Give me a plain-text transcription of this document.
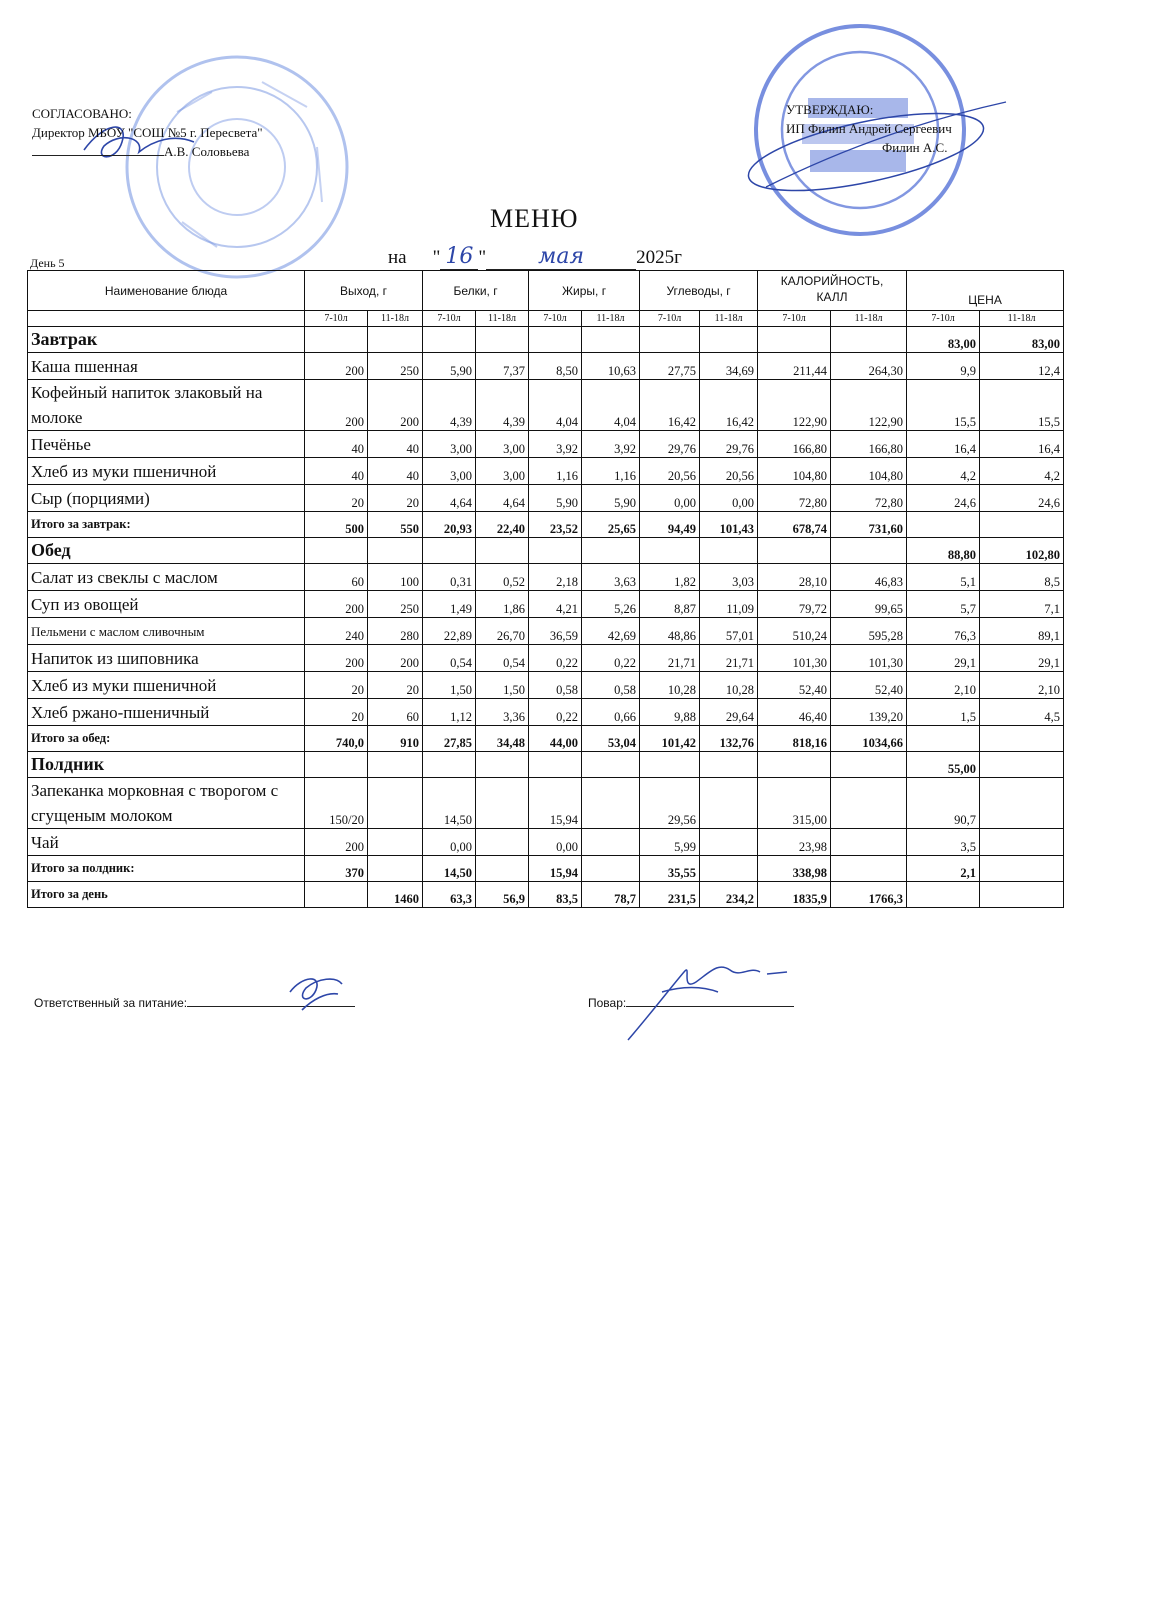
СОГЛАСОВАНО:
Директор МБОУ "СОШ №5 г. Пересвета"
А.В. Соловьева
УТВЕРЖДАЮ:
ИП Филин Андрей Сергеевич
Филин А.С.
МЕНЮ
День 5	на " 16 " мая	2025г
Наименование блюда	Выход, г		Белки, г		Жиры, г		Углеводы, г		КАЛОРИЙНОСТЬ,
КАЛЛ		ЦЕНА	
	7-10л	11-18л	7-10л	11-18л	7-10л	11-18л	7-10л	11-18л	7-10л	11-18л	7-10л	11-18л
Завтрак											83,00	83,00
Каша пшенная	200	250	5,90	7,37	8,50	10,63	27,75	34,69	211,44	264,30	9,9	12,4
Кофейный напиток злаковый на молоке	200	200	4,39	4,39	4,04	4,04	16,42	16,42	122,90	122,90	15,5	15,5
Печёнье	40	40	3,00	3,00	3,92	3,92	29,76	29,76	166,80	166,80	16,4	16,4
Хлеб из муки пшеничной	40	40	3,00	3,00	1,16	1,16	20,56	20,56	104,80	104,80	4,2	4,2
Сыр (порциями)	20	20	4,64	4,64	5,90	5,90	0,00	0,00	72,80	72,80	24,6	24,6
Итого за завтрак:	500	550	20,93	22,40	23,52	25,65	94,49	101,43	678,74	731,60		
Обед											88,80	102,80
Салат из свеклы с маслом	60	100	0,31	0,52	2,18	3,63	1,82	3,03	28,10	46,83	5,1	8,5
Суп из овощей	200	250	1,49	1,86	4,21	5,26	8,87	11,09	79,72	99,65	5,7	7,1
Пельмени с маслом сливочным	240	280	22,89	26,70	36,59	42,69	48,86	57,01	510,24	595,28	76,3	89,1
Напиток из шиповника	200	200	0,54	0,54	0,22	0,22	21,71	21,71	101,30	101,30	29,1	29,1
Хлеб из муки пшеничной	20	20	1,50	1,50	0,58	0,58	10,28	10,28	52,40	52,40	2,10	2,10
Хлеб ржано-пшеничный	20	60	1,12	3,36	0,22	0,66	9,88	29,64	46,40	139,20	1,5	4,5
Итого за обед:	740,0	910	27,85	34,48	44,00	53,04	101,42	132,76	818,16	1034,66		
Полдник											55,00	
Запеканка морковная с творогом с сгущеным молоком	150/20		14,50		15,94		29,56		315,00		90,7	
Чай	200		0,00		0,00		5,99		23,98		3,5	
Итого за полдник:	370		14,50		15,94		35,55		338,98		2,1	
Итого за день		1460	63,3	56,9	83,5	78,7	231,5	234,2	1835,9	1766,3		
Ответственный за питание:	Повар:
